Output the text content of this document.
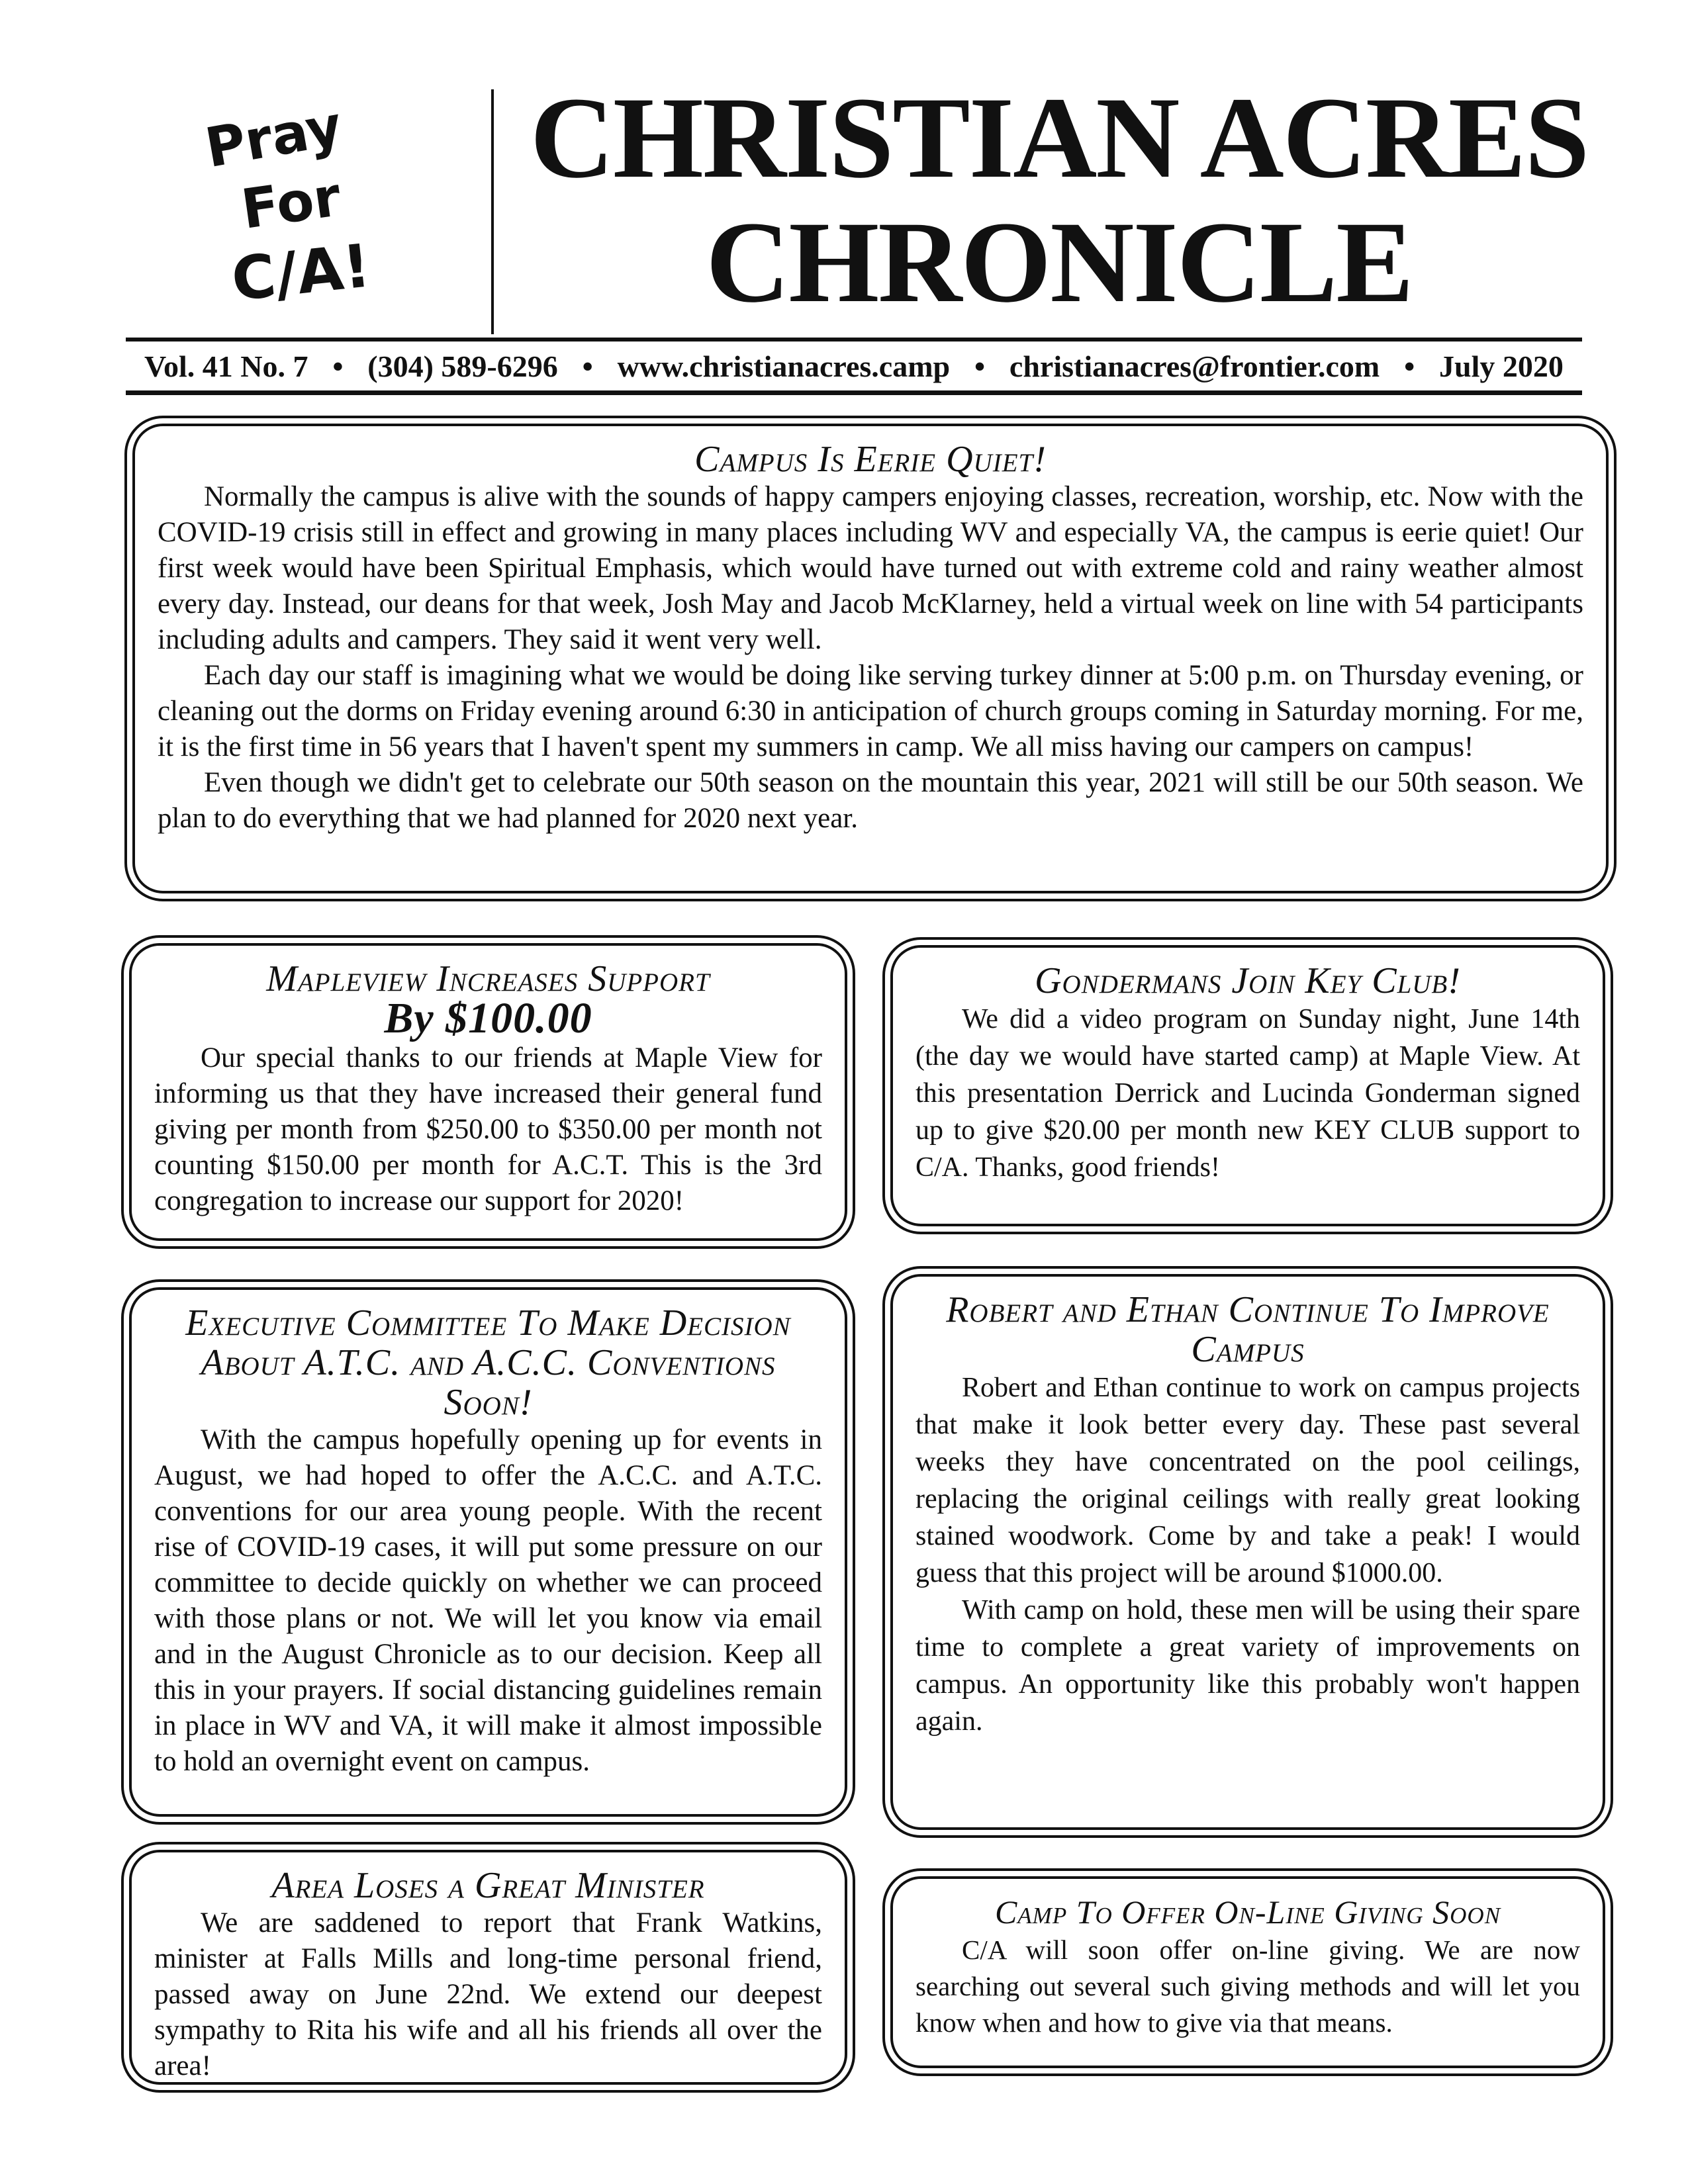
Pray
For
C/A!
CHRISTIAN ACRES
CHRONICLE
Vol. 41 No. 7 • (304) 589-6296 • www.christianacres.camp • christianacres@frontier.com • July 2020
Campus Is Eerie Quiet!

Normally the campus is alive with the sounds of happy campers enjoying classes, recreation, worship, etc. Now with the COVID-19 crisis still in effect and growing in many places including WV and especially VA, the campus is eerie quiet! Our first week would have been Spiritual Emphasis, which would have turned out with extreme cold and rainy weather almost every day. Instead, our deans for that week, Josh May and Jacob McKlarney, held a virtual week on line with 54 participants including adults and campers. They said it went very well.

Each day our staff is imagining what we would be doing like serving turkey dinner at 5:00 p.m. on Thursday evening, or cleaning out the dorms on Friday evening around 6:30 in anticipation of church groups coming in Saturday morning. For me, it is the first time in 56 years that I haven't spent my summers in camp. We all miss having our campers on campus!

Even though we didn't get to celebrate our 50th season on the mountain this year, 2021 will still be our 50th season. We plan to do everything that we had planned for 2020 next year.

Mapleview Increases Support
By $100.00

Our special thanks to our friends at Maple View for informing us that they have increased their general fund giving per month from $250.00 to $350.00 per month not counting $150.00 per month for A.C.T. This is the 3rd congregation to increase our support for 2020!

Gondermans Join Key Club!

We did a video program on Sunday night, June 14th (the day we would have started camp) at Maple View. At this presentation Derrick and Lucinda Gonderman signed up to give $20.00 per month new KEY CLUB support to C/A. Thanks, good friends!

Executive Committee To Make Decision About A.T.C. and A.C.C. Conventions Soon!

With the campus hopefully opening up for events in August, we had hoped to offer the A.C.C. and A.T.C. conventions for our area young people. With the recent rise of COVID-19 cases, it will put some pressure on our committee to decide quickly on whether we can proceed with those plans or not. We will let you know via email and in the August Chronicle as to our decision. Keep all this in your prayers. If social distancing guidelines remain in place in WV and VA, it will make it almost impossible to hold an overnight event on campus.

Robert and Ethan Continue To Improve Campus

Robert and Ethan continue to work on campus projects that make it look better every day. These past several weeks they have concentrated on the pool ceilings, replacing the original ceilings with really great looking stained woodwork. Come by and take a peak! I would guess that this project will be around $1000.00.

With camp on hold, these men will be using their spare time to complete a great variety of improvements on campus. An opportunity like this probably won't happen again.

Area Loses a Great Minister

We are saddened to report that Frank Watkins, minister at Falls Mills and long-time personal friend, passed away on June 22nd. We extend our deepest sympathy to Rita his wife and all his friends all over the area!

Camp To Offer On-Line Giving Soon

C/A will soon offer on-line giving. We are now searching out several such giving methods and will let you know when and how to give via that means.
